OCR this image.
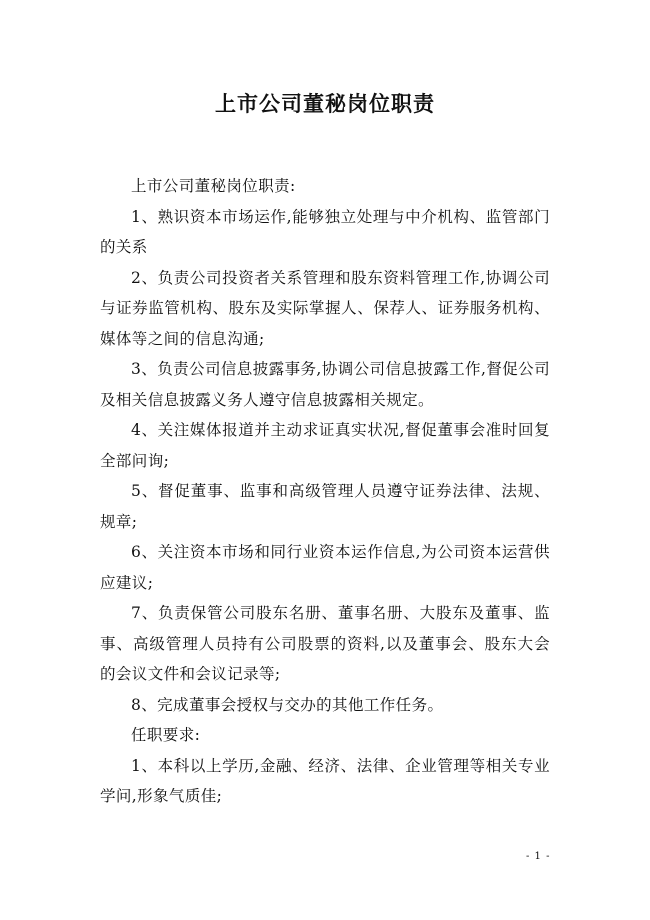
上市公司董秘岗位职责

上市公司董秘岗位职责:

1、熟识资本市场运作,能够独立处理与中介机构、监管部门的关系

2、负责公司投资者关系管理和股东资料管理工作,协调公司与证券监管机构、股东及实际掌握人、保荐人、证券服务机构、媒体等之间的信息沟通;

3、负责公司信息披露事务,协调公司信息披露工作,督促公司及相关信息披露义务人遵守信息披露相关规定。

4、关注媒体报道并主动求证真实状况,督促董事会准时回复全部问询;

5、督促董事、监事和高级管理人员遵守证券法律、法规、规章;

6、关注资本市场和同行业资本运作信息,为公司资本运营供应建议;

7、负责保管公司股东名册、董事名册、大股东及董事、监事、高级管理人员持有公司股票的资料,以及董事会、股东大会的会议文件和会议记录等;

8、完成董事会授权与交办的其他工作任务。

任职要求:

1、本科以上学历,金融、经济、法律、企业管理等相关专业学问,形象气质佳;

- 1 -
